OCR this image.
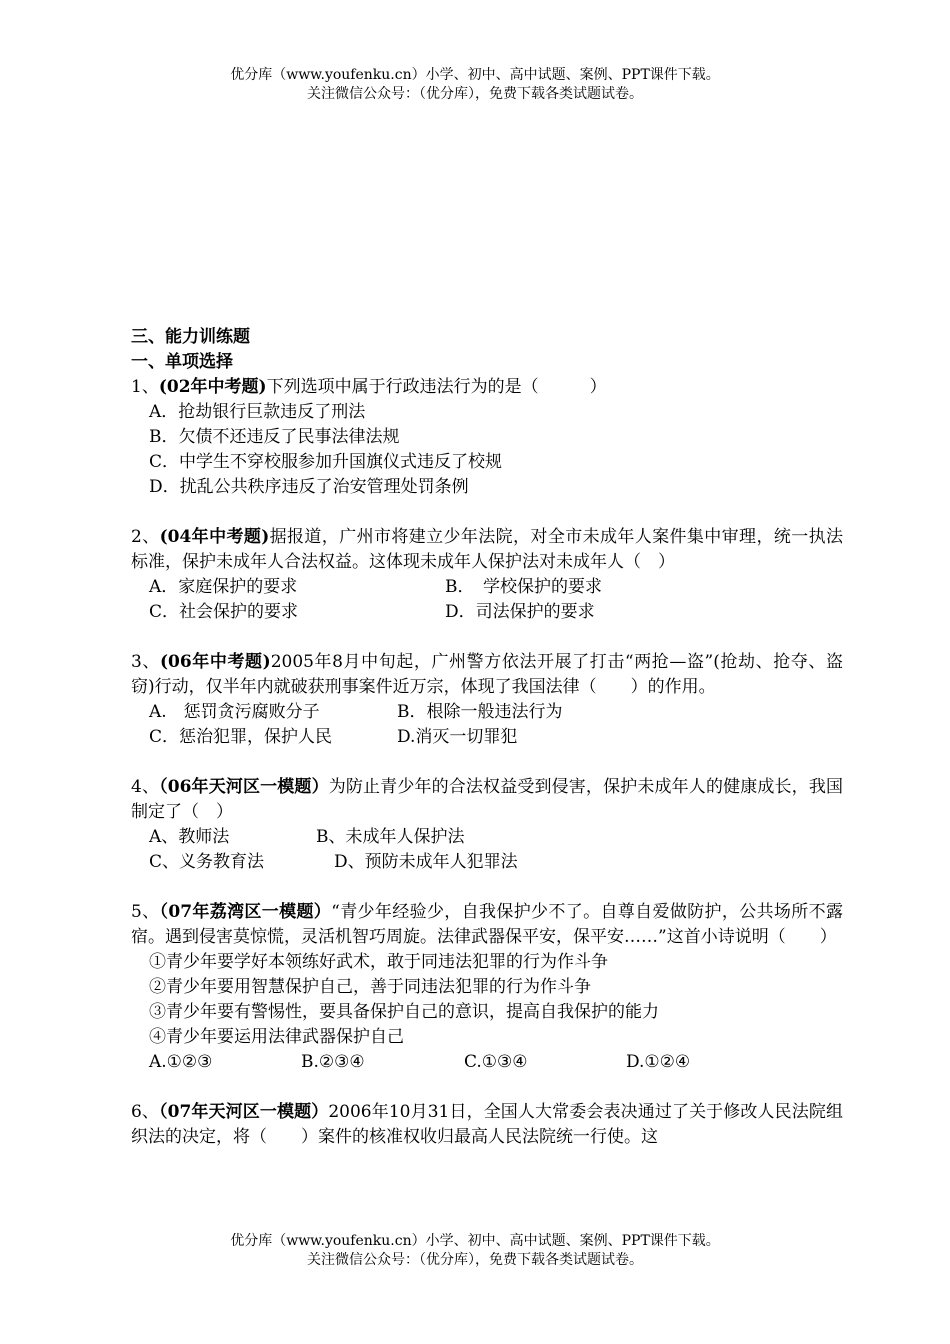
优分库（www.youfenku.cn）小学、初中、高中试题、案例、PPT课件下载。
关注微信公众号：（优分库），免费下载各类试题试卷。
三、能力训练题
一、单项选择
1、(02年中考题)下列选项中属于行政违法行为的是（　　　）
A．抢劫银行巨款违反了刑法
B．欠债不还违反了民事法律法规
C．中学生不穿校服参加升国旗仪式违反了校规
D．扰乱公共秩序违反了治安管理处罚条例
2、(04年中考题)据报道，广州市将建立少年法院，对全市未成年人案件集中审理，统一执法标准，保护未成年人合法权益。这体现未成年人保护法对未成年人（　）
A．家庭保护的要求	B．　学校保护的要求
C．社会保护的要求	D．司法保护的要求
3、(06年中考题)2005年8月中旬起，广州警方依法开展了打击“两抢—盗”(抢劫、抢夺、盗窃)行动，仅半年内就破获刑事案件近万宗，体现了我国法律（　　）的作用。
A.　惩罚贪污腐败分子	B．根除一般违法行为
C．惩治犯罪，保护人民	D.消灭一切罪犯
4、（06年天河区一模题）为防止青少年的合法权益受到侵害，保护未成年人的健康成长，我国制定了（　）
A、教师法	B、未成年人保护法
C、义务教育法	D、预防未成年人犯罪法
5、（07年荔湾区一模题）“青少年经验少，自我保护少不了。自尊自爱做防护，公共场所不露宿。遇到侵害莫惊慌，灵活机智巧周旋。法律武器保平安，保平安……”这首小诗说明（　　）
①青少年要学好本领练好武术，敢于同违法犯罪的行为作斗争
②青少年要用智慧保护自己，善于同违法犯罪的行为作斗争
③青少年要有警惕性，要具备保护自己的意识，提高自我保护的能力
④青少年要运用法律武器保护自己
A.①②③	B.②③④	C.①③④	D.①②④
6、（07年天河区一模题）2006年10月31日，全国人大常委会表决通过了关于修改人民法院组织法的决定，将（　　）案件的核准权收归最高人民法院统一行使。这
优分库（www.youfenku.cn）小学、初中、高中试题、案例、PPT课件下载。
关注微信公众号：（优分库），免费下载各类试题试卷。
